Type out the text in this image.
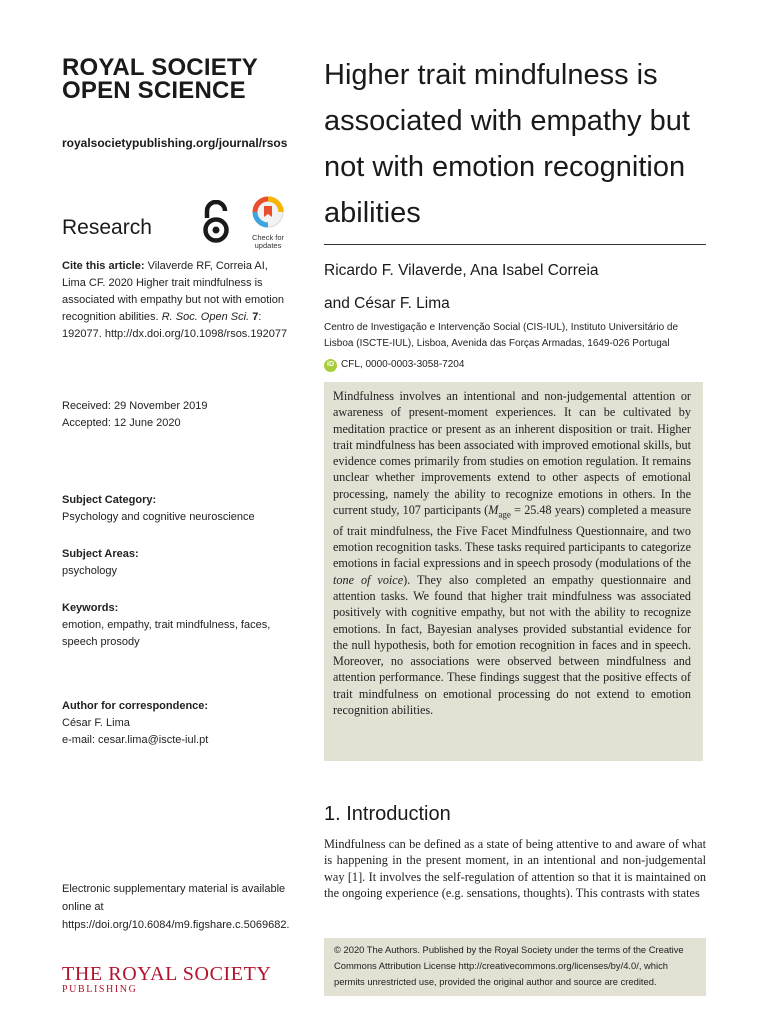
ROYAL SOCIETY
OPEN SCIENCE
royalsocietypublishing.org/journal/rsos
Research	Check for
updates
Cite this article: Vilaverde RF, Correia AI, Lima CF. 2020 Higher trait mindfulness is associated with empathy but not with emotion recognition abilities. R. Soc. Open Sci. 7: 192077. http://dx.doi.org/10.1098/rsos.192077
Received: 29 November 2019
Accepted: 12 June 2020
Subject Category:
Psychology and cognitive neuroscience
Subject Areas:
psychology
Keywords:
emotion, empathy, trait mindfulness, faces, speech prosody
Author for correspondence:
César F. Lima
e-mail: cesar.lima@iscte-iul.pt
Electronic supplementary material is available online at https://doi.org/10.6084/m9.figshare.c.5069682.
THE ROYAL SOCIETY
PUBLISHING
Higher trait mindfulness is associated with empathy but not with emotion recognition abilities
Ricardo F. Vilaverde, Ana Isabel Correia
and César F. Lima
Centro de Investigação e Intervenção Social (CIS-IUL), Instituto Universitário de Lisboa (ISCTE-IUL), Lisboa, Avenida das Forças Armadas, 1649-026 Portugal
iD CFL, 0000-0003-3058-7204
Mindfulness involves an intentional and non-judgemental attention or awareness of present-moment experiences. It can be cultivated by meditation practice or present as an inherent disposition or trait. Higher trait mindfulness has been associated with improved emotional skills, but evidence comes primarily from studies on emotion regulation. It remains unclear whether improvements extend to other aspects of emotional processing, namely the ability to recognize emotions in others. In the current study, 107 participants ($M_{age} = 25.48$ years) completed a measure of trait mindfulness, the Five Facet Mindfulness Questionnaire, and two emotion recognition tasks. These tasks required participants to categorize emotions in facial expressions and in speech prosody (modulations of the tone of voice). They also completed an empathy questionnaire and attention tasks. We found that higher trait mindfulness was associated positively with cognitive empathy, but not with the ability to recognize emotions. In fact, Bayesian analyses provided substantial evidence for the null hypothesis, both for emotion recognition in faces and in speech. Moreover, no associations were observed between mindfulness and attention performance. These findings suggest that the positive effects of trait mindfulness on emotional processing do not extend to emotion recognition abilities.
1. Introduction
Mindfulness can be defined as a state of being attentive to and aware of what is happening in the present moment, in an intentional and non-judgemental way [1]. It involves the self-regulation of attention so that it is maintained on the ongoing experience (e.g. sensations, thoughts). This contrasts with states
© 2020 The Authors. Published by the Royal Society under the terms of the Creative Commons Attribution License http://creativecommons.org/licenses/by/4.0/, which permits unrestricted use, provided the original author and source are credited.
